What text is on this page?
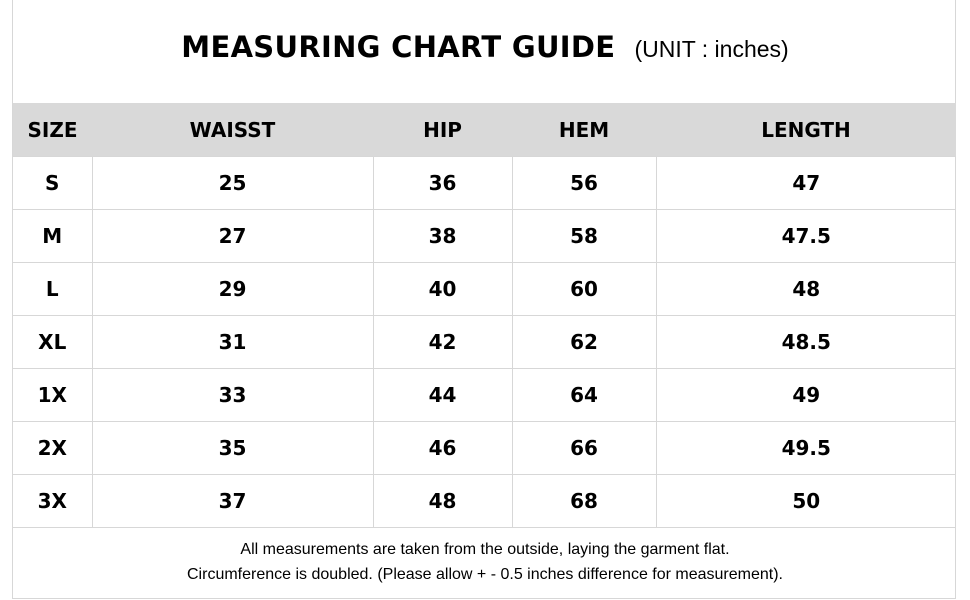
MEASURING CHART GUIDE (UNIT : inches)
SIZE	WAISST	HIP	HEM	LENGTH
S	25	36	56	47
M	27	38	58	47.5
L	29	40	60	48
XL	31	42	62	48.5
1X	33	44	64	49
2X	35	46	66	49.5
3X	37	48	68	50
All measurements are taken from the outside, laying the garment flat.
Circumference is doubled. (Please allow + - 0.5 inches difference for measurement).
